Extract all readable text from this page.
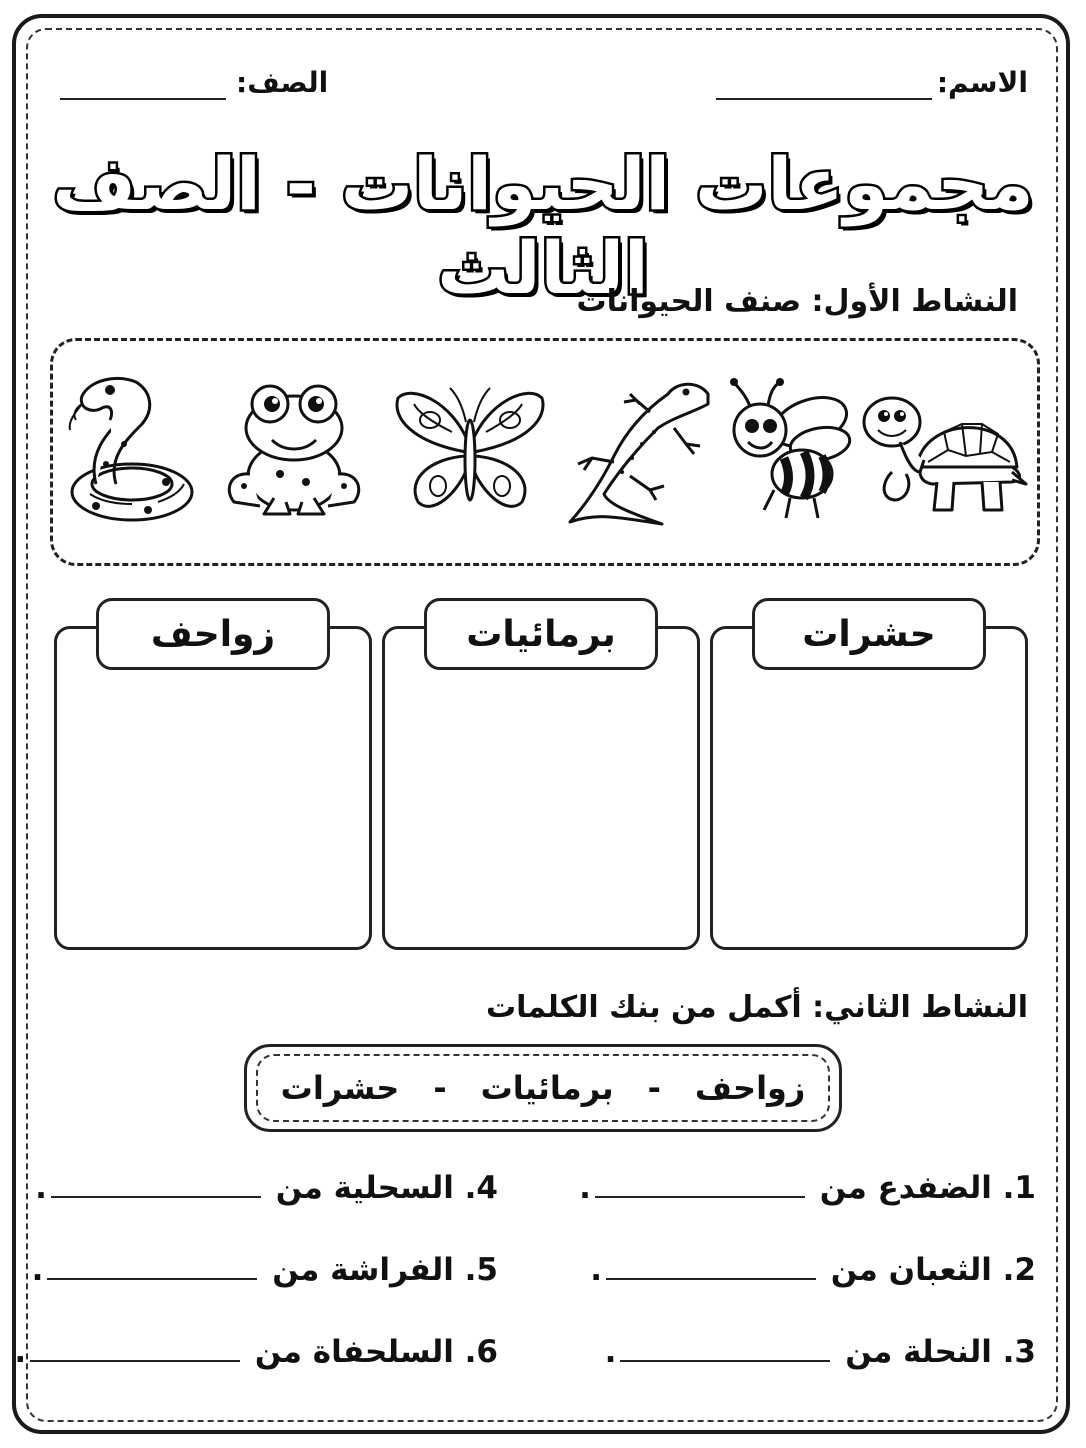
الاسم:
الصف:
مجموعات الحيوانات - الصف الثالث
النشاط الأول: صنف الحيوانات
حشرات
برمائيات
زواحف
النشاط الثاني: أكمل من بنك الكلمات
زواحف
-
برمائيات
-
حشرات
1. الضفدع من .
2. الثعبان من .
3. النحلة من .
4. السحلية من .
5. الفراشة من .
6. السلحفاة من .
